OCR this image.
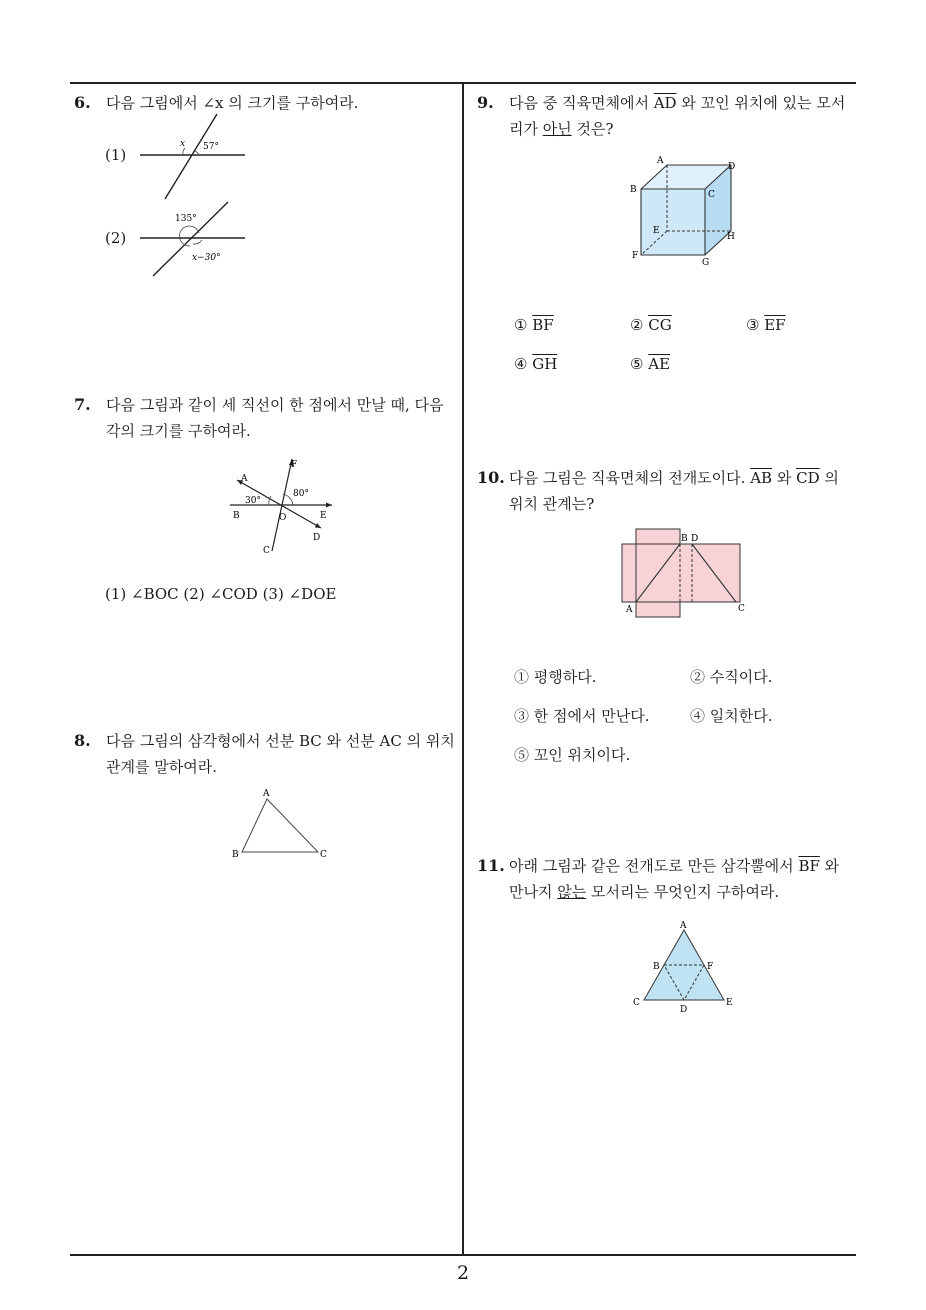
2
6. 다음 그림에서 ∠x 의 크기를 구하여라.
(1)
(2)
x 57°
135°
x−30°
7. 다음 그림과 같이 세 직선이 한 점에서 만날 때, 다음
각의 크기를 구하여라.
A
B
C
D
E
F
O
30°
80°
(1) ∠BOC (2) ∠COD (3) ∠DOE
8. 다음 그림의 삼각형에서 선분 BC 와 선분 AC 의 위치
관계를 말하여라.
A
B	C
9. 다음 중 직육면체에서 $\overline{AD}$ 와 꼬인 위치에 있는 모서
리가 아닌 것은?
A
B	C
D
E
F
G
H
① $\overline{BF}$	② $\overline{CG}$	③ $\overline{EF}$
④ $\overline{GH}$	⑤ $\overline{AE}$
10. 다음 그림은 직육면체의 전개도이다. $\overline{AB}$ 와 $\overline{CD}$ 의
위치 관계는?
A
B
C
D
① 평행하다.	② 수직이다.
③ 한 점에서 만난다.	④ 일치한다.
⑤ 꼬인 위치이다.
11. 아래 그림과 같은 전개도로 만든 삼각뿔에서 $\overline{BF}$ 와
만나지 않는 모서리는 무엇인지 구하여라.
A
B
C
D
E
F
